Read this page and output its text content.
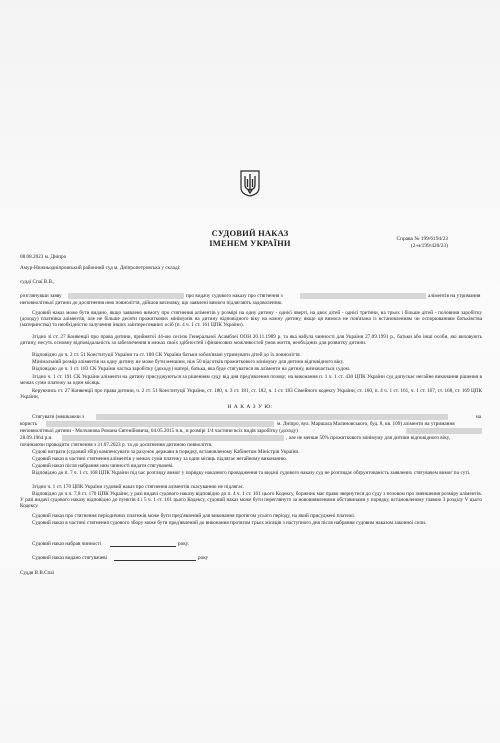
Справа № 199/6194/23
(2-н/199/420/23)
СУДОВИЙ НАКАЗ
ІМЕНЕМ УКРАЇНИ
08.08.2023 м. Дніпро
Амур-Нижньодніпровський районний суд м. Дніпропетровська у складі:
судді Спаї В.В.,
розглянувши заяву	про видачу судового наказу про стягнення з	аліментів на утримання
неповнолітньої дитини до досягнення нею повноліття, дійшов висновку, що заявлені вимоги підлягають задоволенню.
Судовий наказ може бути видано, якщо заявлено вимогу про стягнення аліментів у розмірі на одну дитину - однієї чверті, на двох дітей - однієї третини, на трьох і більше дітей - половини заробітку (доходу) платника аліментів, але не більше десяти прожиткових мінімумів на дитину відповідного віку на кожну дитину, якщо ця вимога не пов'язана із встановленням чи оспорюванням батьківства (материнства) та необхідністю залучення інших заінтересованих осіб (п. 4 ч. 1 ст. 161 ЦПК України).
Згідно зі ст. 27 Конвенції про права дитини, прийнятої 44-ою сесією Генеральної Асамблеї ООН 20.11.1989 р. та яка набула чинності для України 27.09.1991 р., батьки або інші особи, які виховують дитину, несуть основну відповідальність за забезпечення в межах своїх здібностей і фінансових можливостей умов життя, необхідних для розвитку дитини.
Відповідно до ч. 2 ст. 51 Конституції України та ст. 180 СК України батьки зобов'язані утримувати дітей до їх повноліття.
Мінімальний розмір аліментів на одну дитину не може бути меншим, ніж 50 відсотків прожиткового мінімуму для дитини відповідного віку.
Відповідно до ч. 1 ст. 183 СК України частка заробітку (доходу) матері, батька, яка буде стягуватися як аліменти на дитину, визначається судом.
Згідно ч. 1 ст. 191 СК України аліменти на дитину присуджуються за рішенням суду від дня пред'явлення позову; на виконання п. 1 ч. 1 ст. 430 ЦПК України суд допускає негайне виконання рішення в межах суми платежу за один місяць.
Керуючись ст. 27 Конвенції про права дитини, ч. 2 ст. 51 Конституції України, ст. 180, ч. 3 ст. 181, ст. 182, ч. 1 ст. 183 Сімейного кодексу України, ст. 160, п. 4 ч. 1 ст. 161, ч. 1 ст. 167, ст. 168, ст. 169 ЦПК України,
Н А К А З У Ю:
Стягувати (мешкаючи з	на
користь	м. Дніпро, вул. Маршала Малиновського, буд. 8, кв. 109) аліменти на утримання
неповнолітньої дитини - Молчанова Романа Євгенійовича, 04.05.2015 н.в., в розмірі 1/4 частини всіх видів заробітку (доходу)
28.09.1964 р.н.	, але не менше 50% прожиткового мінімуму для дитини відповідного віку,
починаючи проводити стягнення з 31.07.2023 р. та до досягнення дитиною повноліття.
Судові витрати (судовий збір) компенсувати за рахунок держави в порядку, встановленому Кабінетом Міністрів України.
Судовий наказ в частині стягнення аліментів у межах суми платежу за один місяць підлягає негайному виконанню.
Судовий наказ після набрання ним чинності видати стягувачеві.
Відповідно до п. 7 ч. 1 ст. 168 ЦПК України під час розгляду вимог у порядку наказного провадження та видачі судового наказу суд не розглядає обґрунтованість заявлених стягувачем вимог по суті.
Згідно ч. 1 ст. 170 ЦПК України судовий наказ про стягнення аліментів скасуванню не підлягає.
Відповідно до ч.ч. 7,8 ст. 170 ЦПК України, у разі видачі судового наказу відповідно до п. 4 ч. 1 ст. 161 цього Кодексу, боржник має право звернутися до суду з позовом про зменшення розміру аліментів. У разі видачі судового наказу відповідно до пунктів 4 і 5 ч. 1 ст. 161 цього Кодексу, судовий наказ може бути переглянуто за нововиявленими обставинами у порядку, встановленому главою 3 розділу V цього Кодексу.
Судовий наказ про стягнення періодичних платежів може бути пред'явлений для виконання протягом усього періоду, на який присуджені платежі.
Судовий наказ в частині стягнення судового збору може бути пред'явлений до виконання протягом трьох місяців з наступного дня після набрання судовим наказом законної сили.
Судовий наказ набрав чинності	року.
Судовий наказ видано стягувачеві	року
Суддя В.В.Спаї
